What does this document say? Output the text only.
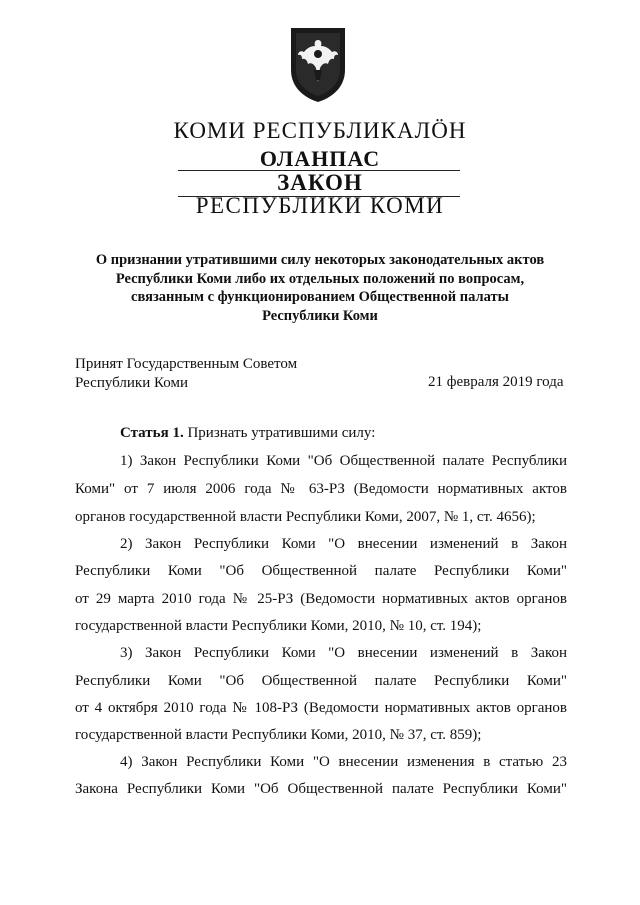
КОМИ РЕСПУБЛИКАЛӦН
ОЛАНПАС
ЗАКОН
РЕСПУБЛИКИ КОМИ
О признании утратившими силу некоторых законодательных актов
Республики Коми либо их отдельных положений по вопросам,
связанным с функционированием Общественной палаты
Республики Коми
Принят Государственным Советом
Республики Коми	21 февраля 2019 года
Статья 1. Признать утратившими силу:
1) Закон Республики Коми "Об Общественной палате Республики
Коми" от 7 июля 2006 года № 63-РЗ (Ведомости нормативных актов
органов государственной власти Республики Коми, 2007, № 1, ст. 4656);
2) Закон Республики Коми "О внесении изменений в Закон
Республики Коми "Об Общественной палате Республики Коми"
от 29 марта 2010 года № 25-РЗ (Ведомости нормативных актов органов
государственной власти Республики Коми, 2010, № 10, ст. 194);
3) Закон Республики Коми "О внесении изменений в Закон
Республики Коми "Об Общественной палате Республики Коми"
от 4 октября 2010 года № 108-РЗ (Ведомости нормативных актов органов
государственной власти Республики Коми, 2010, № 37, ст. 859);
4) Закон Республики Коми "О внесении изменения в статью 23
Закона Республики Коми "Об Общественной палате Республики Коми"
